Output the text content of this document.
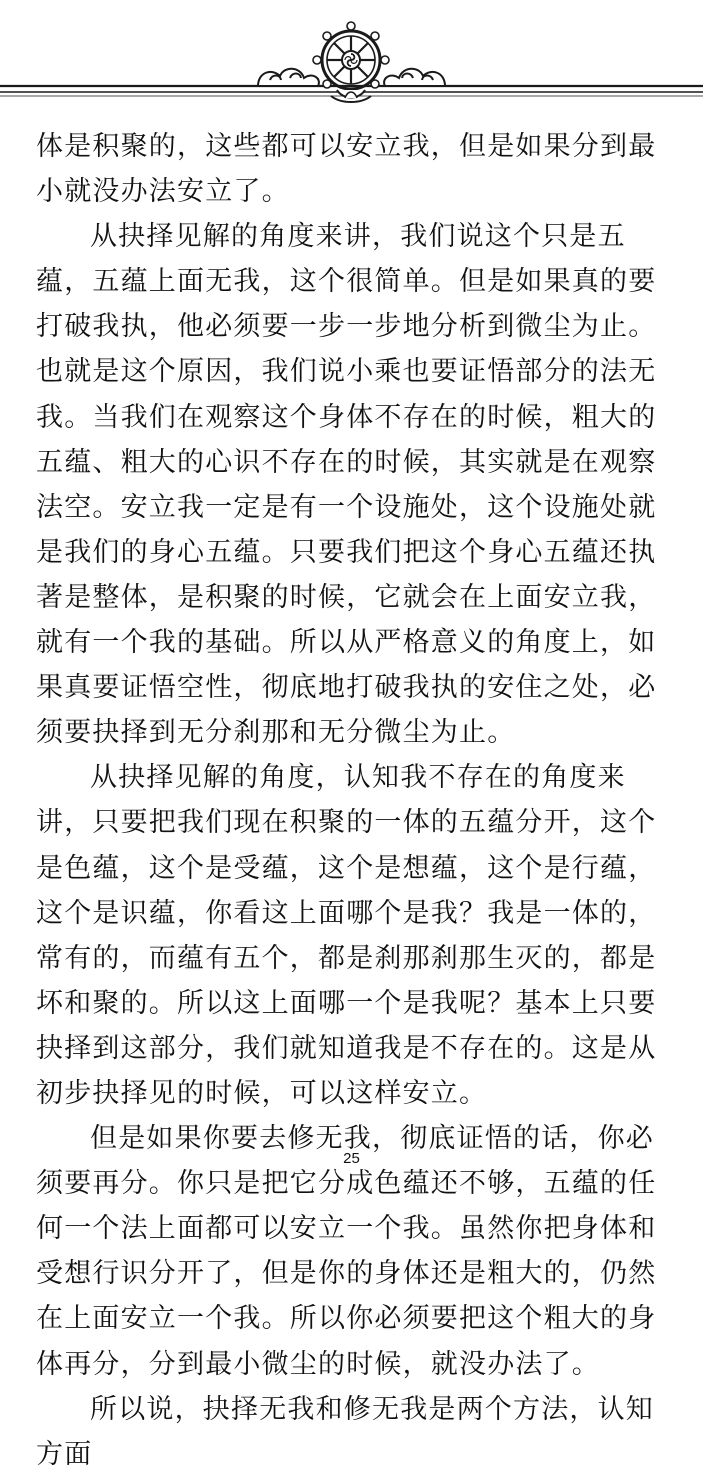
体是积聚的，这些都可以安立我，但是如果分到最小就没办法安立了。

从抉择见解的角度来讲，我们说这个只是五蕴，五蕴上面无我，这个很简单。但是如果真的要打破我执，他必须要一步一步地分析到微尘为止。也就是这个原因，我们说小乘也要证悟部分的法无我。当我们在观察这个身体不存在的时候，粗大的五蕴、粗大的心识不存在的时候，其实就是在观察法空。安立我一定是有一个设施处，这个设施处就是我们的身心五蕴。只要我们把这个身心五蕴还执著是整体，是积聚的时候，它就会在上面安立我，就有一个我的基础。所以从严格意义的角度上，如果真要证悟空性，彻底地打破我执的安住之处，必须要抉择到无分刹那和无分微尘为止。

从抉择见解的角度，认知我不存在的角度来讲，只要把我们现在积聚的一体的五蕴分开，这个是色蕴，这个是受蕴，这个是想蕴，这个是行蕴，这个是识蕴，你看这上面哪个是我？我是一体的，常有的，而蕴有五个，都是刹那刹那生灭的，都是坏和聚的。所以这上面哪一个是我呢？基本上只要抉择到这部分，我们就知道我是不存在的。这是从初步抉择见的时候，可以这样安立。

但是如果你要去修无我，彻底证悟的话，你必须要再分。你只是把它分成色蕴还不够，五蕴的任何一个法上面都可以安立一个我。虽然你把身体和受想行识分开了，但是你的身体还是粗大的，仍然在上面安立一个我。所以你必须要把这个粗大的身体再分，分到最小微尘的时候，就没办法了。

所以说，抉择无我和修无我是两个方法，认知方面

25
